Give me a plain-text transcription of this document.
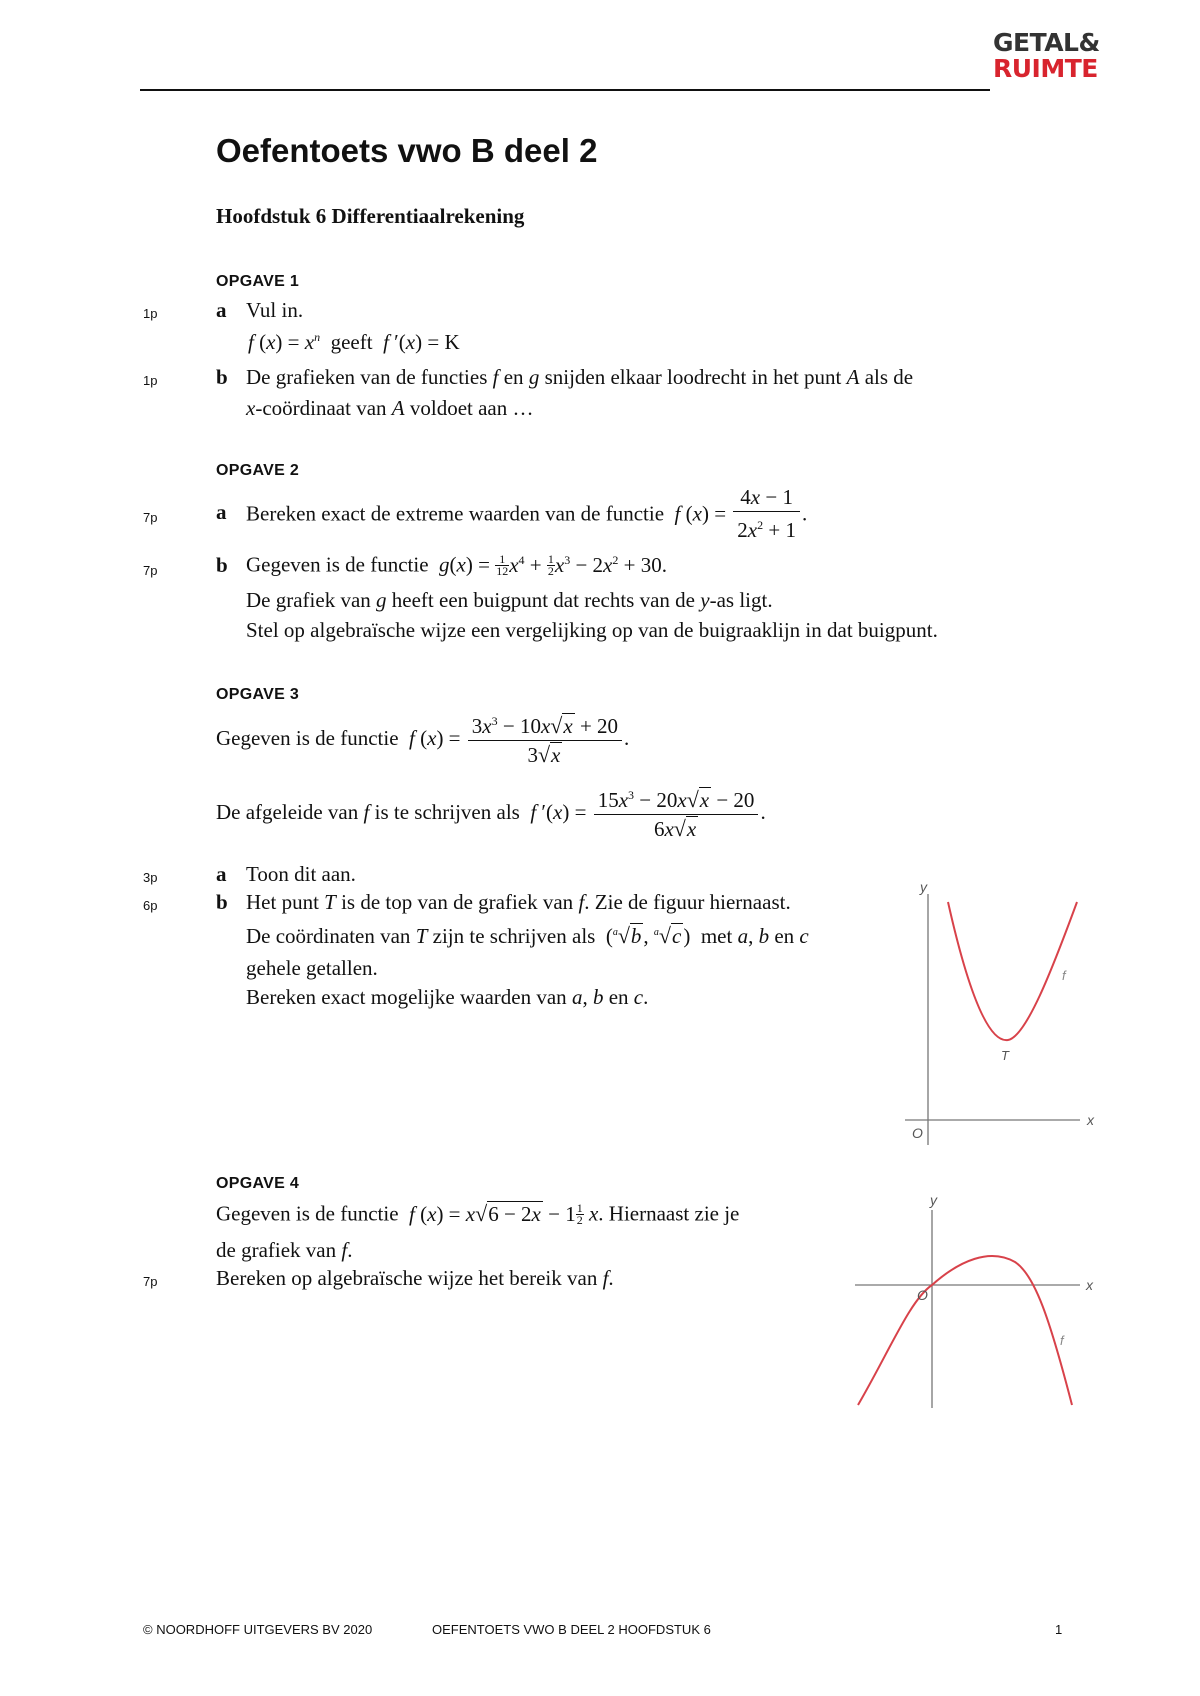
GETAL&
RUIMTE
Oefentoets vwo B deel 2
Hoofdstuk 6 Differentiaalrekening
OPGAVE 1
1p	a Vul in.
f $(x) = x^n$ geeft f ′(x) = K
1p	b De grafieken van de functies f en g snijden elkaar loodrecht in het punt A als de
x-coördinaat van A voldoet aan …
OPGAVE 2
7p	a Bereken exact de extreme waarden van de functie f $(x) = \frac{4x - 1}{2x^2 + 1}$ .
7p	b Gegeven is de functie $g(x) = \frac{1}{12} x^4 + \frac{1}{2} x^3 - 2x^2 + 30$.
De grafiek van g heeft een buigpunt dat rechts van de y-as ligt.
Stel op algebraïsche wijze een vergelijking op van de buigraaklijn in dat buigpunt.
OPGAVE 3
Gegeven is de functie f $(x) = \frac{3x^3 - 10x√x + 20}{3√x}$ .
De afgeleide van f is te schrijven als f $'(x) = \frac{15x^3 - 20x√x - 20}{6x√x}$ .
3p	a Toon dit aan.
6p	b Het punt T is de top van de grafiek van f. Zie de figuur hiernaast.
De coördinaten van T zijn te schrijven als  ($^a$√b, $^a$√c)  met a, b en c
gehele getallen.
Bereken exact mogelijke waarden van a, b en c.
y
x
O
f
T
OPGAVE 4
Gegeven is de functie f $(x) = x√6 - 2x - 1 \frac{1}{2} x$. Hiernaast zie je
de grafiek van f.
7p	Bereken op algebraïsche wijze het bereik van f.
y
x
O
f
© NOORDHOFF UITGEVERS BV 2020	OEFENTOETS VWO B DEEL 2 HOOFDSTUK 6	1
